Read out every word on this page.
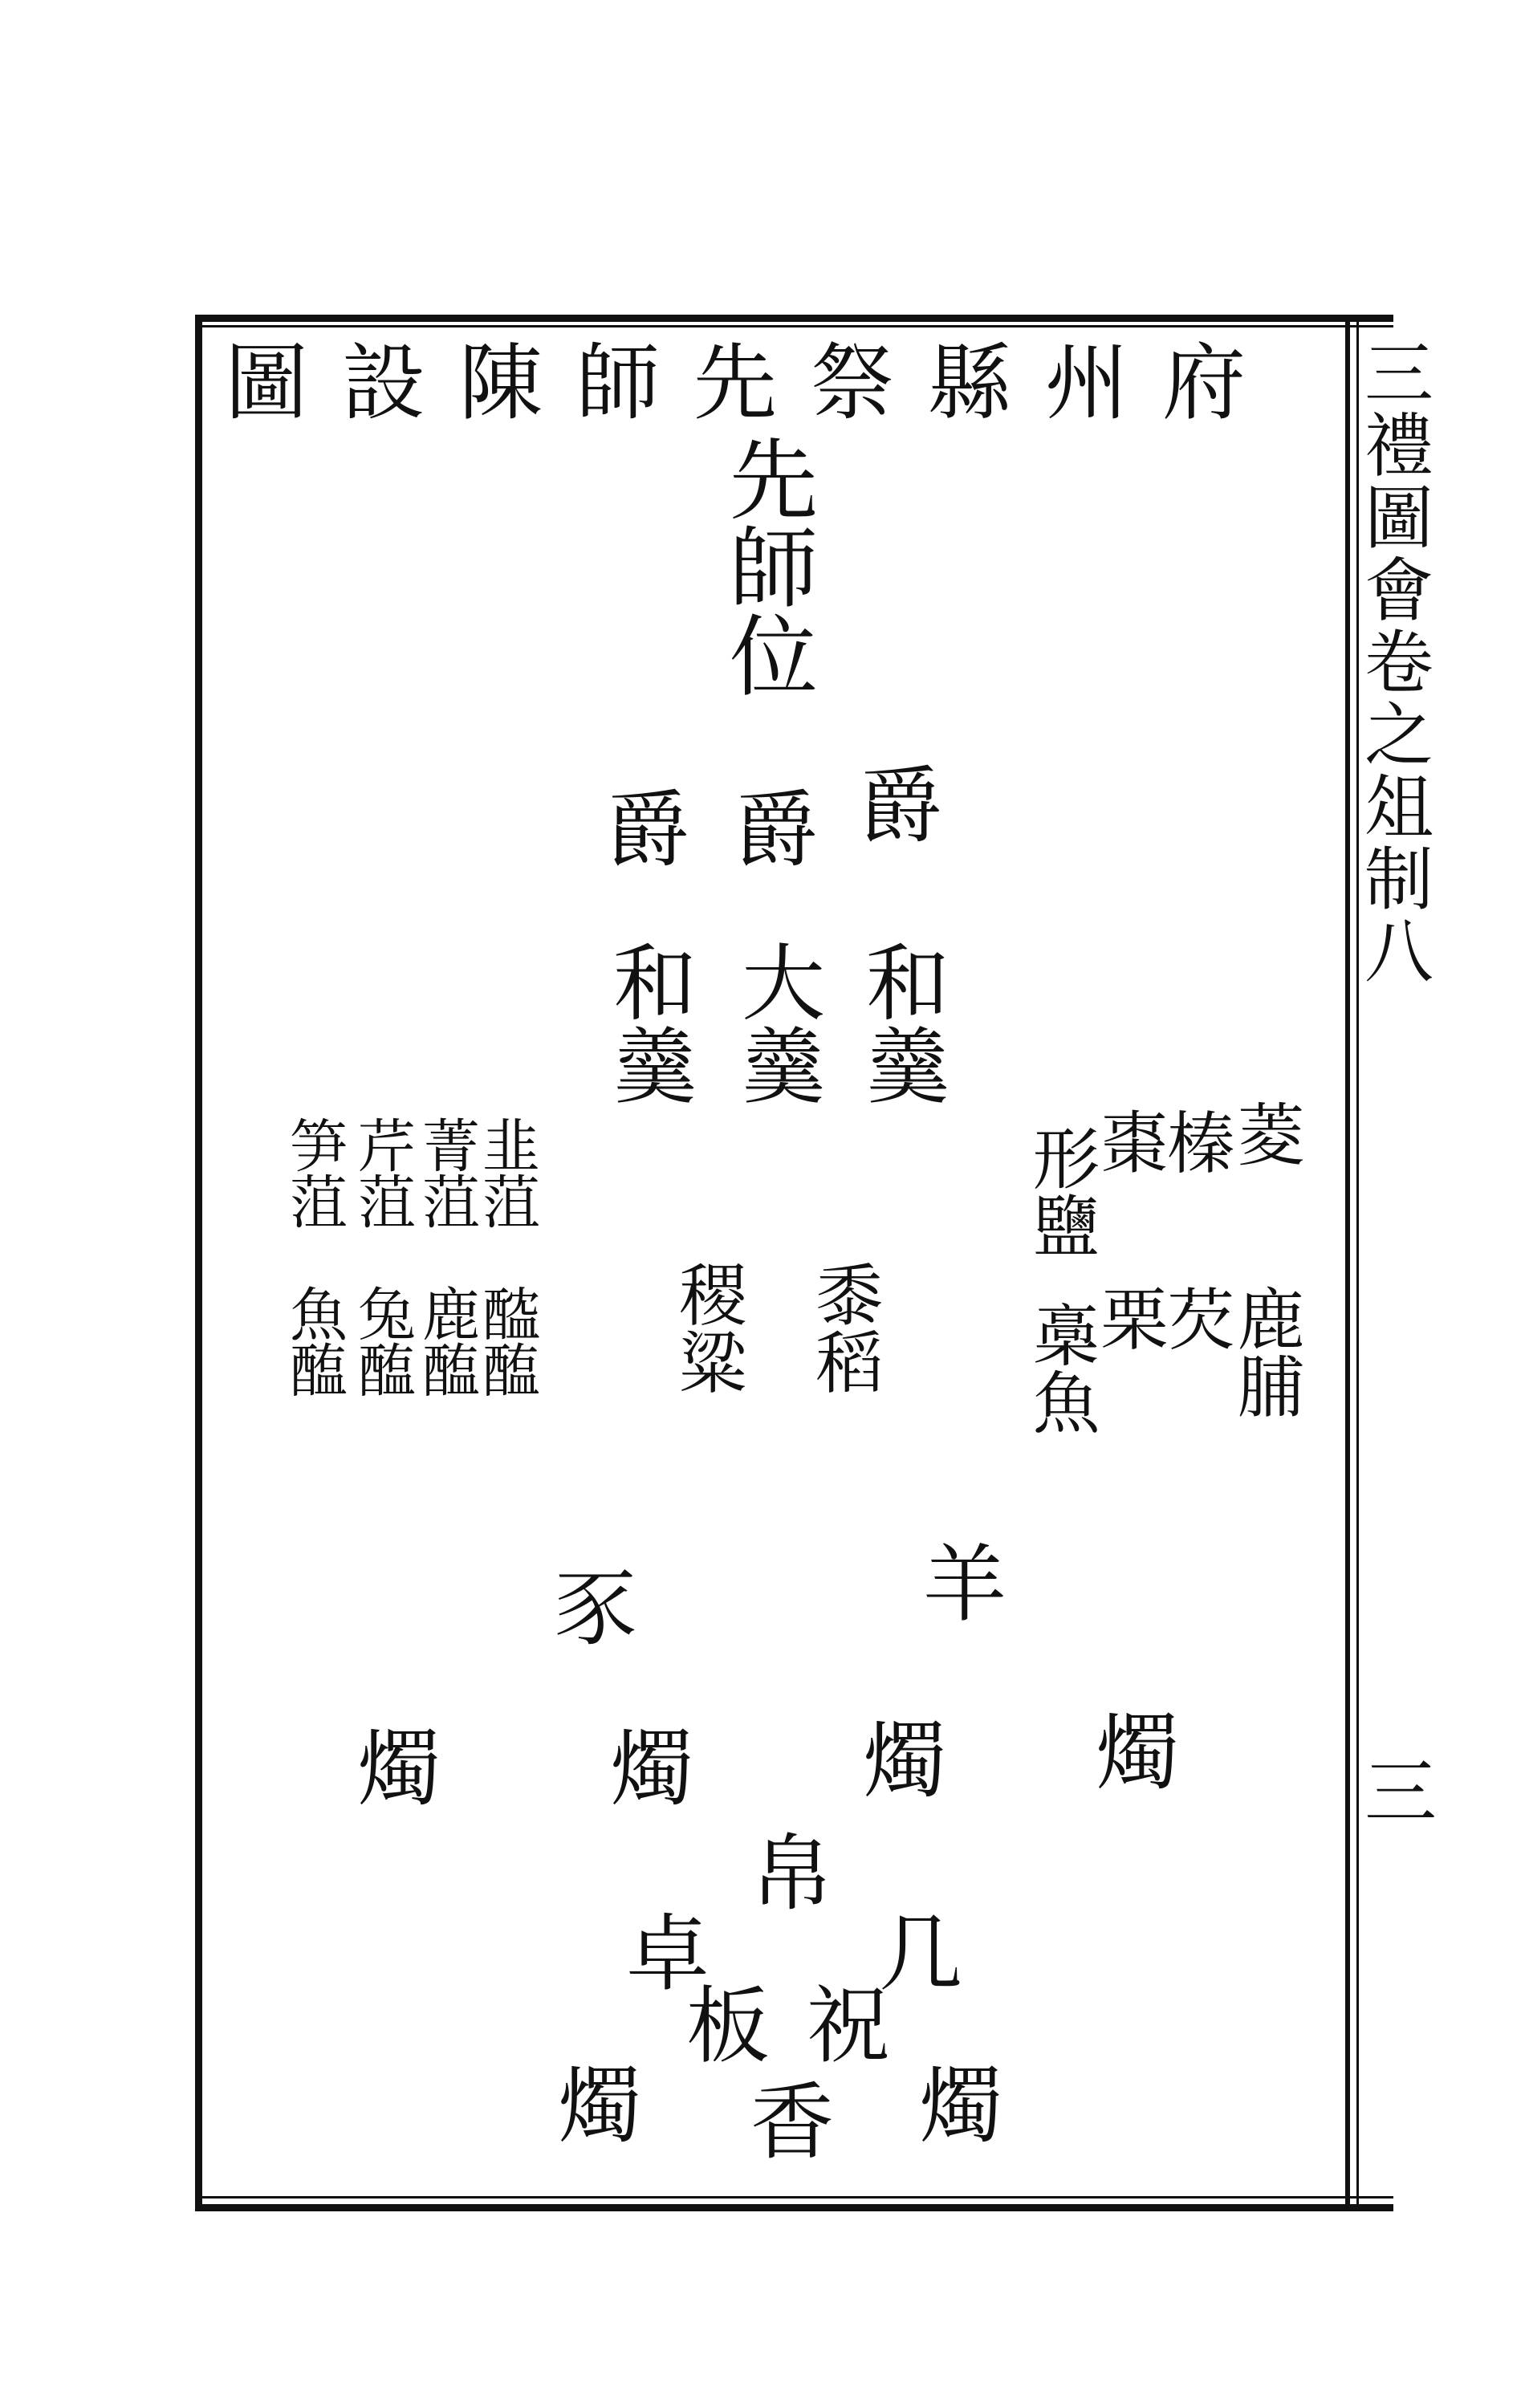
府州縣祭先師陳設圖 三禮圖會卷之俎制八
三
先師位
爵
爵
爵
和羹
大羹
和羹
菱
榛
棗
形鹽
鹿脯
芡
栗
槀魚
韭菹
菁菹
芹菹
笋菹
醓醢
鹿醢
兔醢
魚醢	黍稻
稷粱
羊
豕
燭
燭
燭
燭
帛
卓 几
祝
板
香 燭
燭
